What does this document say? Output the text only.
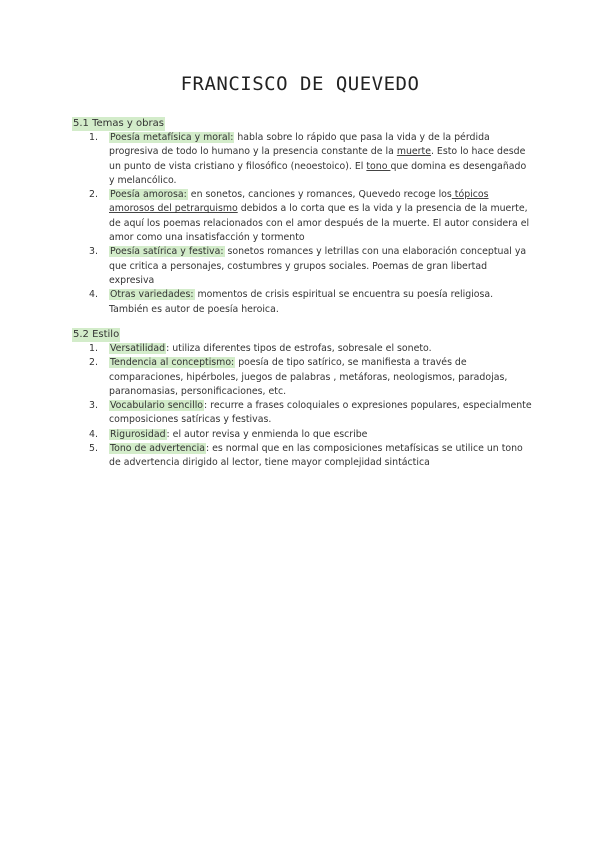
FRANCISCO DE QUEVEDO
5.1 Temas y obras
1. Poesía metafísica y moral: habla sobre lo rápido que pasa la vida y de la pérdida progresiva de todo lo humano y la presencia constante de la muerte. Esto lo hace desde un punto de vista cristiano y filosófico (neoestoico). El tono que domina es desengañado y melancólico.
2. Poesía amorosa: en sonetos, canciones y romances, Quevedo recoge los tópicos amorosos del petrarquismo debidos a lo corta que es la vida y la presencia de la muerte, de aquí los poemas relacionados con el amor después de la muerte. El autor considera el amor como una insatisfacción y tormento
3. Poesía satírica y festiva: sonetos romances y letrillas con una elaboración conceptual ya que critica a personajes, costumbres y grupos sociales. Poemas de gran libertad expresiva
4. Otras variedades: momentos de crisis espiritual se encuentra su poesía religiosa. También es autor de poesía heroica.
5.2 Estilo
1. Versatilidad: utiliza diferentes tipos de estrofas, sobresale el soneto.
2. Tendencia al conceptismo: poesía de tipo satírico, se manifiesta a través de comparaciones, hipérboles, juegos de palabras , metáforas, neologismos, paradojas, paranomasias, personificaciones, etc.
3. Vocabulario sencillo: recurre a frases coloquiales o expresiones populares, especialmente composiciones satíricas y festivas.
4. Rigurosidad: el autor revisa y enmienda lo que escribe
5. Tono de advertencia: es normal que en las composiciones metafísicas se utilice un tono de advertencia dirigido al lector, tiene mayor complejidad sintáctica
